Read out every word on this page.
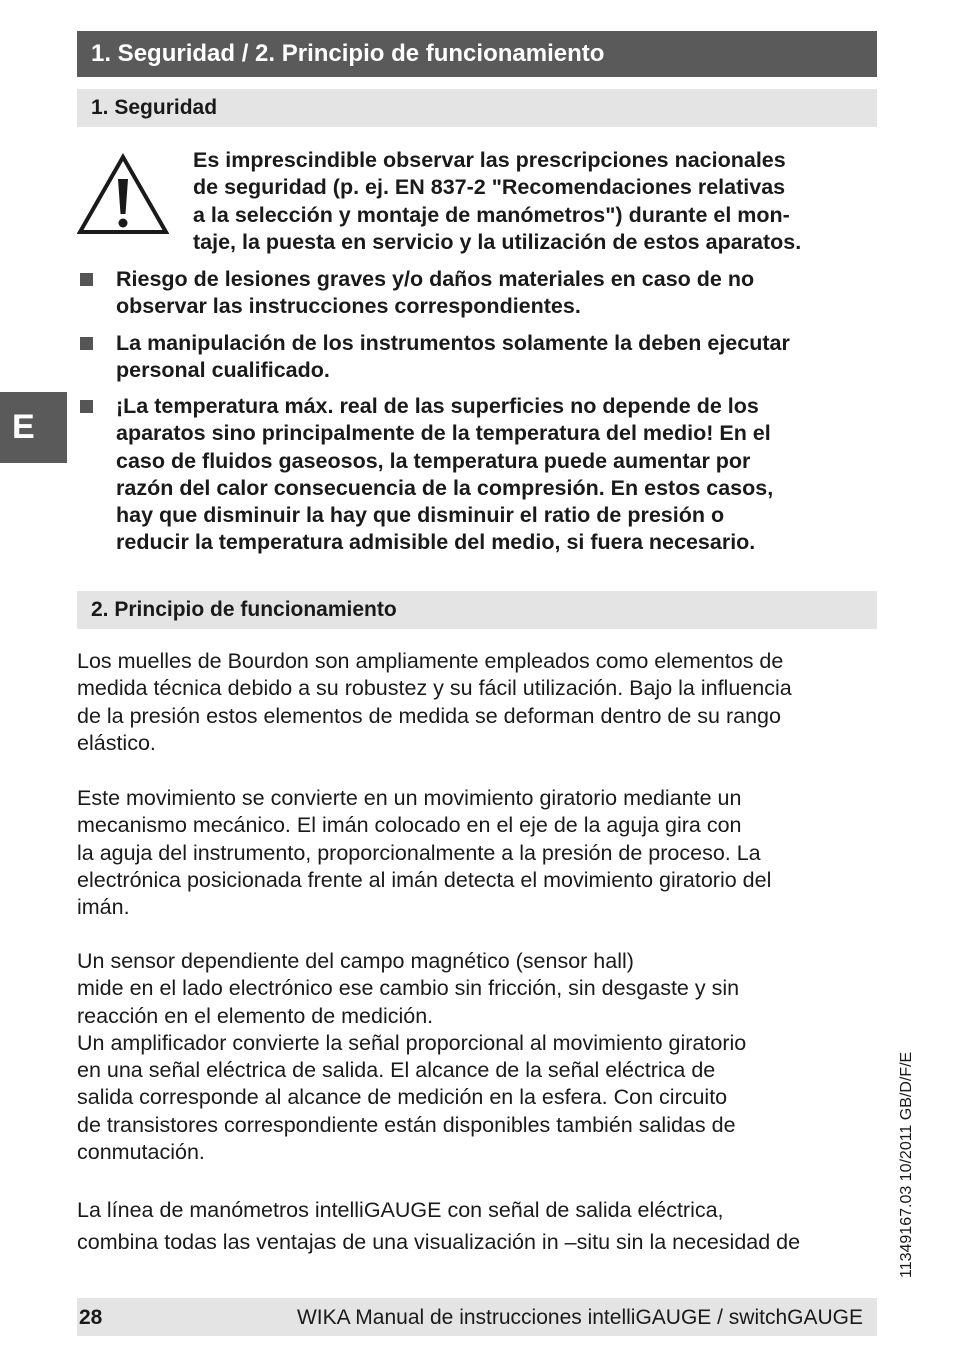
1. Seguridad / 2. Principio de funcionamiento
1. Seguridad
Es imprescindible observar las prescripciones nacionales
de seguridad (p. ej. EN 837-2 "Recomendaciones relativas
a la selección y montaje de manómetros") durante el mon-
taje, la puesta en servicio y la utilización de estos aparatos.
Riesgo de lesiones graves y/o daños materiales en caso de no
observar las instrucciones correspondientes.
La manipulación de los instrumentos solamente la deben ejecutar
personal cualificado.
¡La temperatura máx. real de las superficies no depende de los
aparatos sino principalmente de la temperatura del medio! En el
caso de fluidos gaseosos, la temperatura puede aumentar por
razón del calor consecuencia de la compresión. En estos casos,
hay que disminuir la hay que disminuir el ratio de presión o
reducir la temperatura admisible del medio, si fuera necesario.
E
2. Principio de funcionamiento
Los muelles de Bourdon son ampliamente empleados como elementos de
medida técnica debido a su robustez y su fácil utilización. Bajo la influencia
de la presión estos elementos de medida se deforman dentro de su rango
elástico.
Este movimiento se convierte en un movimiento giratorio mediante un
mecanismo mecánico. El imán colocado en el eje de la aguja gira con
la aguja del instrumento, proporcionalmente a la presión de proceso. La
electrónica posicionada frente al imán detecta el movimiento giratorio del
imán.
Un sensor dependiente del campo magnético (sensor hall)
mide en el lado electrónico ese cambio sin fricción, sin desgaste y sin
reacción en el elemento de medición.
Un amplificador convierte la señal proporcional al movimiento giratorio
en una señal eléctrica de salida. El alcance de la señal eléctrica de
salida corresponde al alcance de medición en la esfera. Con circuito
de transistores correspondiente están disponibles también salidas de
conmutación.
La línea de manómetros intelliGAUGE con señal de salida eléctrica,
combina todas las ventajas de una visualización in –situ sin la necesidad de	11349167.03 10/2011 GB/D/F/E
28	WIKA Manual de instrucciones intelliGAUGE / switchGAUGE
